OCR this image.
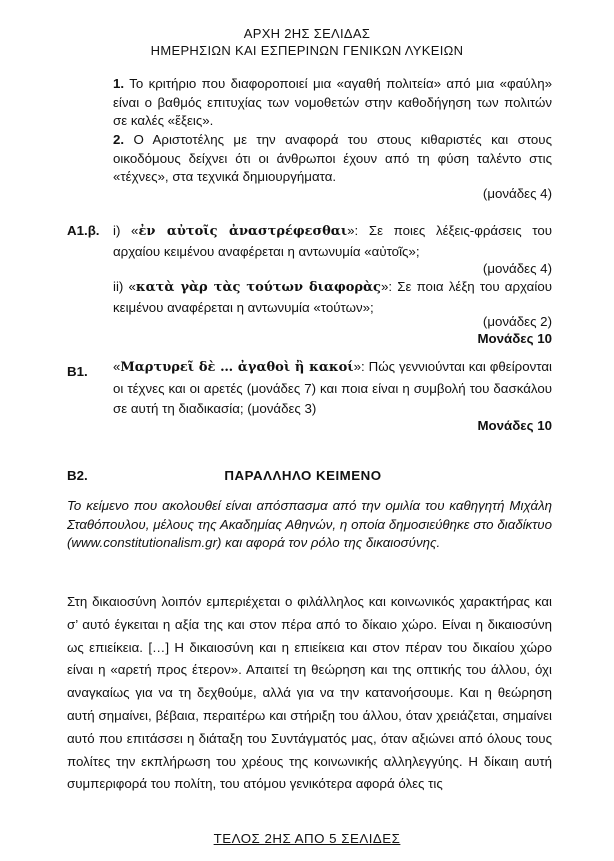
ΑΡΧΗ 2ΗΣ ΣΕΛΙΔΑΣ
ΗΜΕΡΗΣΙΩΝ ΚΑΙ ΕΣΠΕΡΙΝΩΝ ΓΕΝΙΚΩΝ ΛΥΚΕΙΩΝ
1. Το κριτήριο που διαφοροποιεί μια «αγαθή πολιτεία» από μια «φαύλη» είναι ο βαθμός επιτυχίας των νομοθετών στην καθοδήγηση των πολιτών σε καλές «ἕξεις».
2. Ο Αριστοτέλης με την αναφορά του στους κιθαριστές και στους οικοδόμους δείχνει ότι οι άνθρωποι έχουν από τη φύση ταλέντο στις «τέχνες», στα τεχνικά δημιουργήματα.
(μονάδες 4)
Α1.β. i) «ἐν αὐτοῖς ἀναστρέφεσθαι»: Σε ποιες λέξεις-φράσεις του αρχαίου κειμένου αναφέρεται η αντωνυμία «αὐτοῖς»;
(μονάδες 4)
ii) «κατὰ γὰρ τὰς τούτων διαφορὰς»: Σε ποια λέξη του αρχαίου κειμένου αναφέρεται η αντωνυμία «τούτων»;
(μονάδες 2)
Μονάδες 10
Β1. «Μαρτυρεῖ δὲ … ἀγαθοὶ ἢ κακοί»: Πώς γεννιούνται και φθείρονται οι τέχνες και οι αρετές (μονάδες 7) και ποια είναι η συμβολή του δασκάλου σε αυτή τη διαδικασία; (μονάδες 3)
Μονάδες 10
Β2.	ΠΑΡΑΛΛΗΛΟ ΚΕΙΜΕΝΟ
Το κείμενο που ακολουθεί είναι απόσπασμα από την ομιλία του καθηγητή Μιχάλη Σταθόπουλου, μέλους της Ακαδημίας Αθηνών, η οποία δημοσιεύθηκε στο διαδίκτυο (www.constitutionalism.gr) και αφορά τον ρόλο της δικαιοσύνης.
Στη δικαιοσύνη λοιπόν εμπεριέχεται ο φιλάλληλος και κοινωνικός χαρακτήρας και σ’ αυτό έγκειται η αξία της και στον πέρα από το δίκαιο χώρο. Είναι η δικαιοσύνη ως επιείκεια. […] Η δικαιοσύνη και η επιείκεια και στον πέραν του δικαίου χώρο είναι η «αρετή προς έτερον». Απαιτεί τη θεώρηση και της οπτικής του άλλου, όχι αναγκαίως για να τη δεχθούμε, αλλά για να την κατανοήσουμε. Και η θεώρηση αυτή σημαίνει, βέβαια, περαιτέρω και στήριξη του άλλου, όταν χρειάζεται, σημαίνει αυτό που επιτάσσει η διάταξη του Συντάγματός μας, όταν αξιώνει από όλους τους πολίτες την εκπλήρωση του χρέους της κοινωνικής αλληλεγγύης. Η δίκαιη αυτή συμπεριφορά του πολίτη, του ατόμου γενικότερα αφορά όλες τις
ΤΕΛΟΣ 2ΗΣ ΑΠΟ 5 ΣΕΛΙΔΕΣ
